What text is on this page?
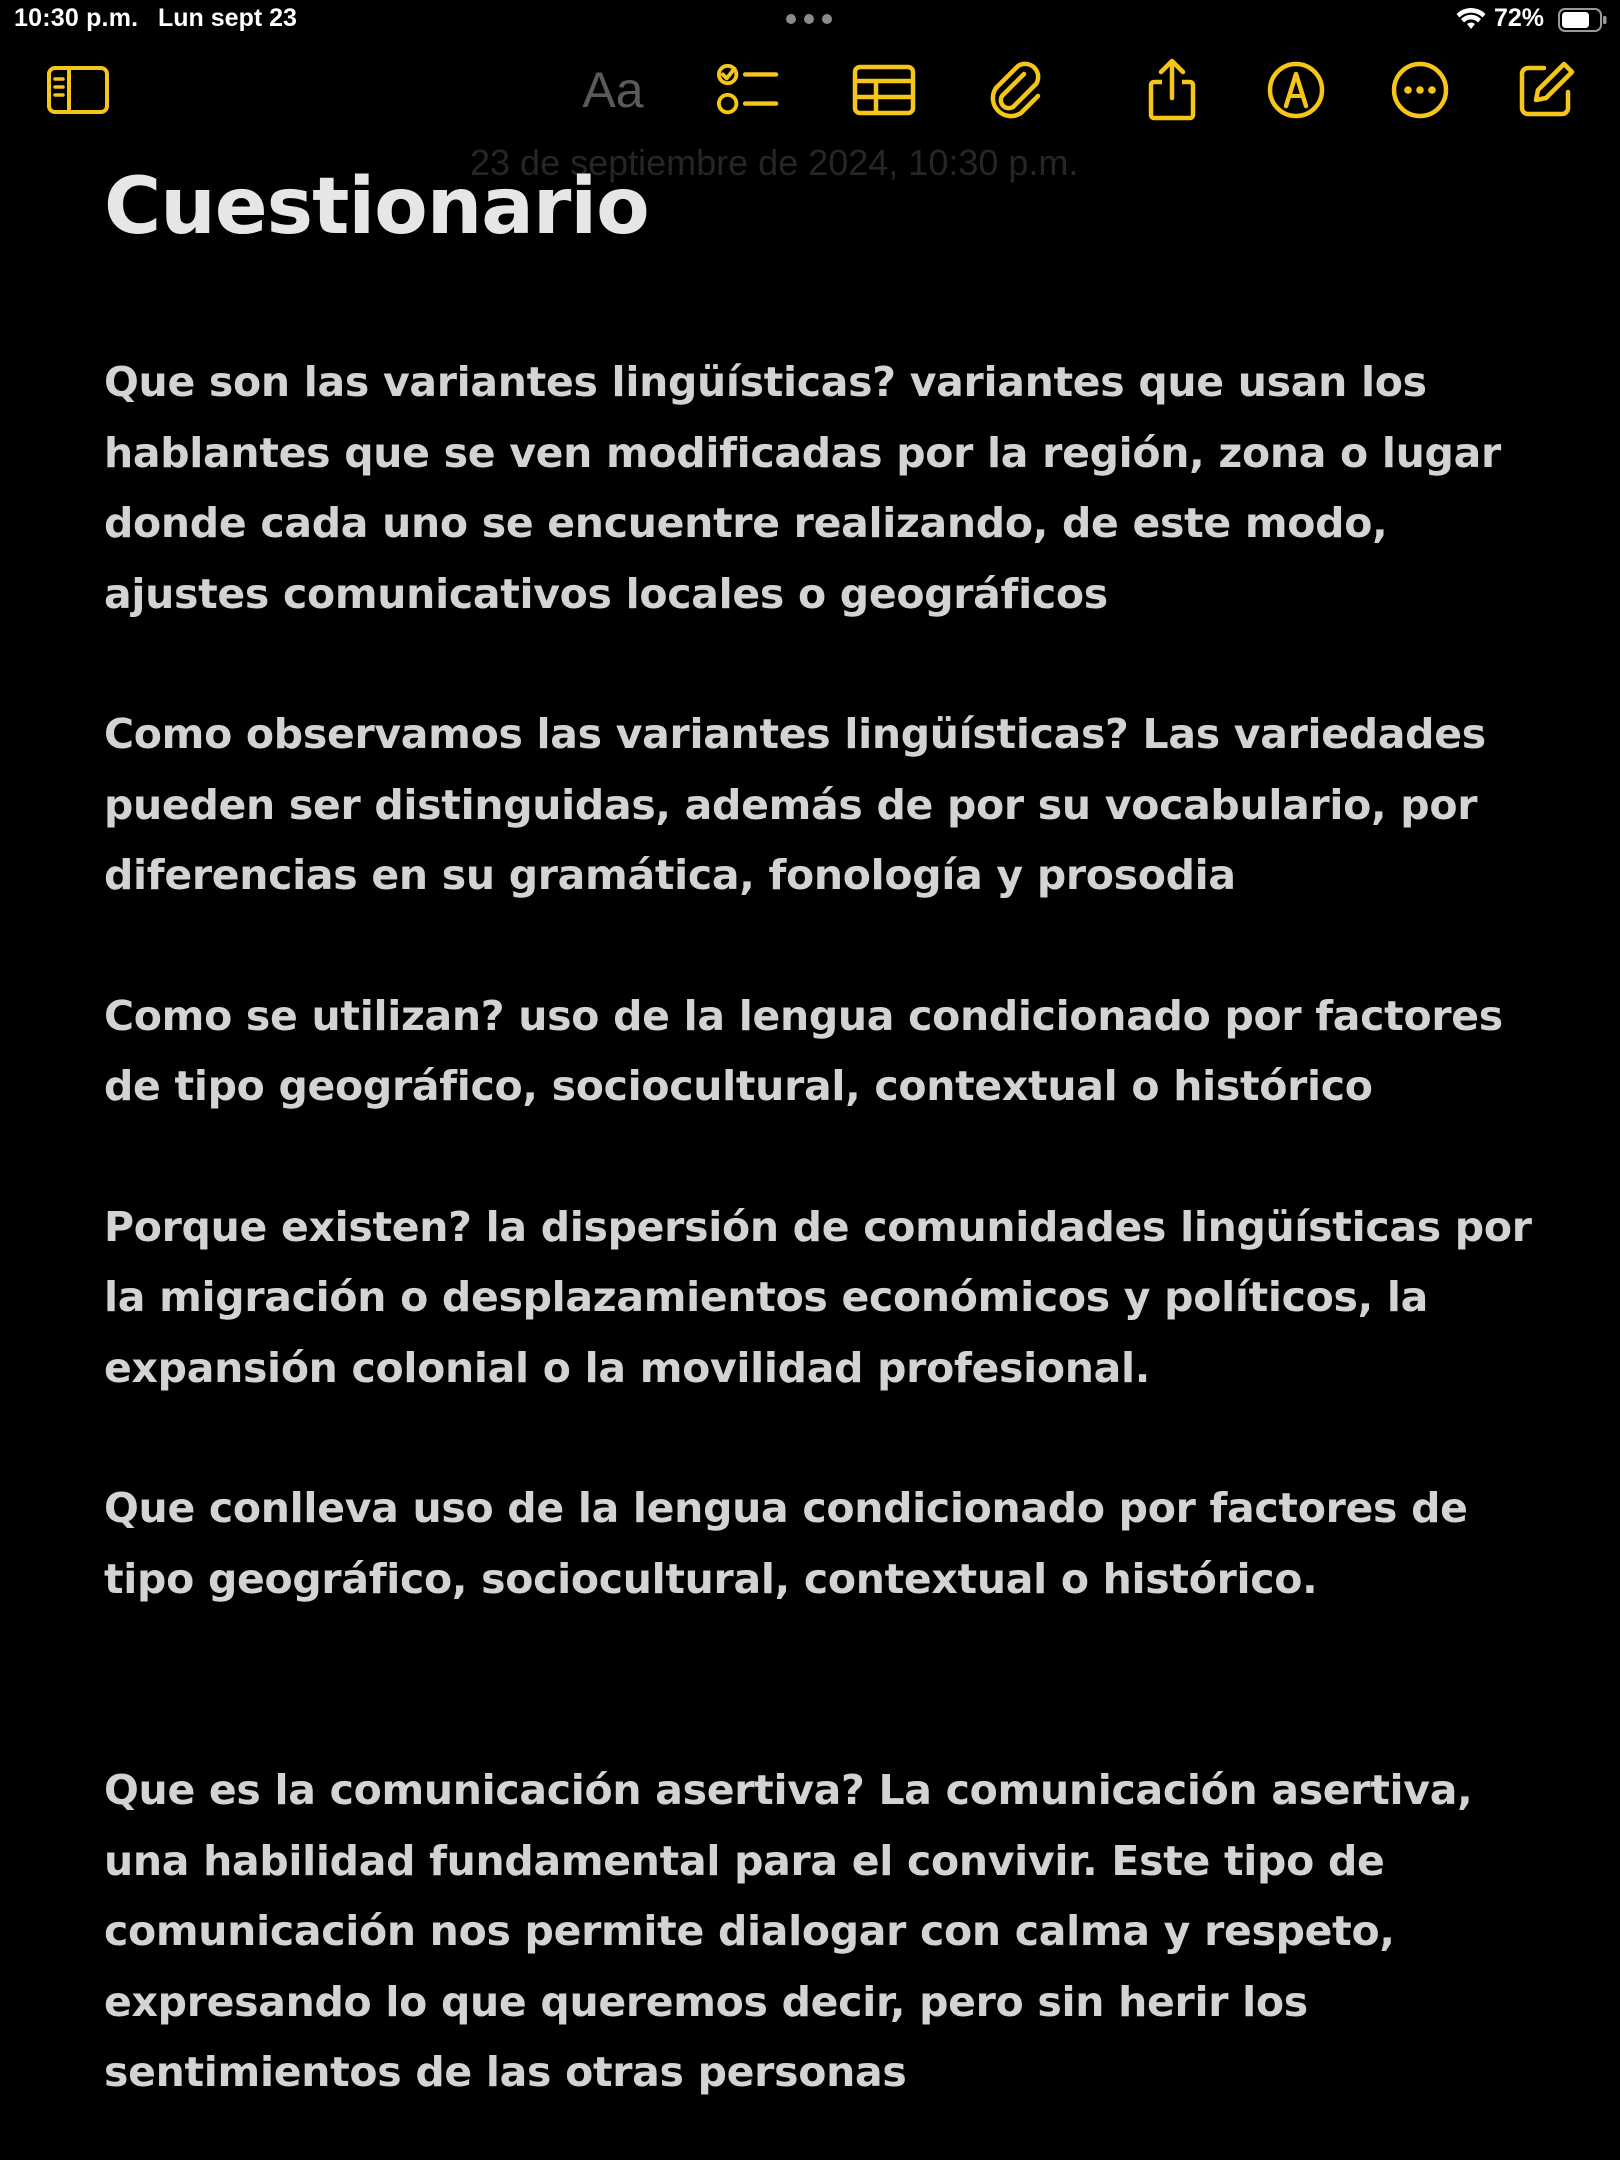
10:30 p.m. Lun sept 23	72%
23 de septiembre de 2024, 10:30 p.m.
Aa
Cuestionario

Que son las variantes lingüísticas? variantes que usan los hablantes que se ven modificadas por la región, zona o lugar donde cada uno se encuentre realizando, de este modo, ajustes comunicativos locales o geográficos

Como observamos las variantes lingüísticas? Las variedades pueden ser distinguidas, además de por su vocabulario, por diferencias en su gramática, fonología y prosodia

Como se utilizan? uso de la lengua condicionado por factores de tipo geográfico, sociocultural, contextual o histórico

Porque existen? la dispersión de comunidades lingüísticas por la migración o desplazamientos económicos y políticos, la expansión colonial o la movilidad profesional.

Que conlleva uso de la lengua condicionado por factores de tipo geográfico, sociocultural, contextual o histórico.

Que es la comunicación asertiva? La comunicación asertiva, una habilidad fundamental para el convivir. Este tipo de comunicación nos permite dialogar con calma y respeto, expresando lo que queremos decir, pero sin herir los sentimientos de las otras personas
